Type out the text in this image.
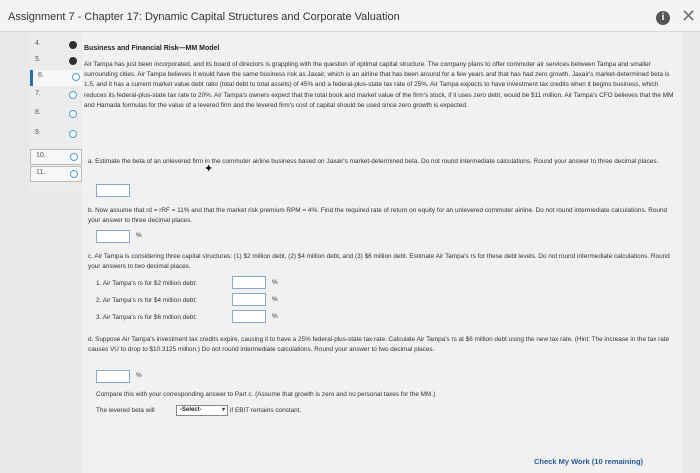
Assignment 7 - Chapter 17: Dynamic Capital Structures and Corporate Valuation	i ✕
4.
5.
6.
7.
8.
9.
10.
11.
Business and Financial Risk—MM Model
Air Tampa has just been incorporated, and its board of directors is grappling with the question of optimal capital structure. The company plans to offer commuter air services between Tampa and smaller surrounding cities. Air Tampa believes it would have the same business risk as Jaxair, which is an airline that has been around for a few years and that has had zero growth. Jaxair's market-determined beta is 1.5, and it has a current market value debt ratio (total debt to total assets) of 45% and a federal-plus-state tax rate of 25%. Air Tampa expects to have investment tax credits when it begins business, which reduces its federal-plus-state tax rate to 20%. Air Tampa's owners expect that the total book and market value of the firm's stock, if it uses zero debt, would be $11 million. Air Tampa's CFO believes that the MM and Hamada formulas for the value of a levered firm and the levered firm's cost of capital should be used since zero growth is expected.
a. Estimate the beta of an unlevered firm in the commuter airline business based on Jaxair's market-determined beta. Do not round intermediate calculations. Round your answer to three decimal places.
b. Now assume that rd = rRF = 11% and that the market risk premium RPM = 4%. Find the required rate of return on equity for an unlevered commuter airline. Do not round intermediate calculations. Round your answer to three decimal places.
%
c. Air Tampa is considering three capital structures: (1) $2 million debt, (2) $4 million debt, and (3) $6 million debt. Estimate Air Tampa's rs for these debt levels. Do not round intermediate calculations. Round your answers to two decimal places.
1. Air Tampa's rs for $2 million debt:	%
2. Air Tampa's rs for $4 million debt:	%
3. Air Tampa's rs for $6 million debt:	%
d. Suppose Air Tampa's investment tax credits expire, causing it to have a 25% federal-plus-state tax rate. Calculate Air Tampa's rs at $6 million debt using the new tax rate. (Hint: The increase in the tax rate causes VU to drop to $10.3125 million.) Do not round intermediate calculations. Round your answer to two decimal places.
%
Compare this with your corresponding answer to Part c. (Assume that growth is zero and no personal taxes for the MM.)
The levered beta will	-Select-	▾ if EBIT remains constant.
Check My Work (10 remaining)
✦
